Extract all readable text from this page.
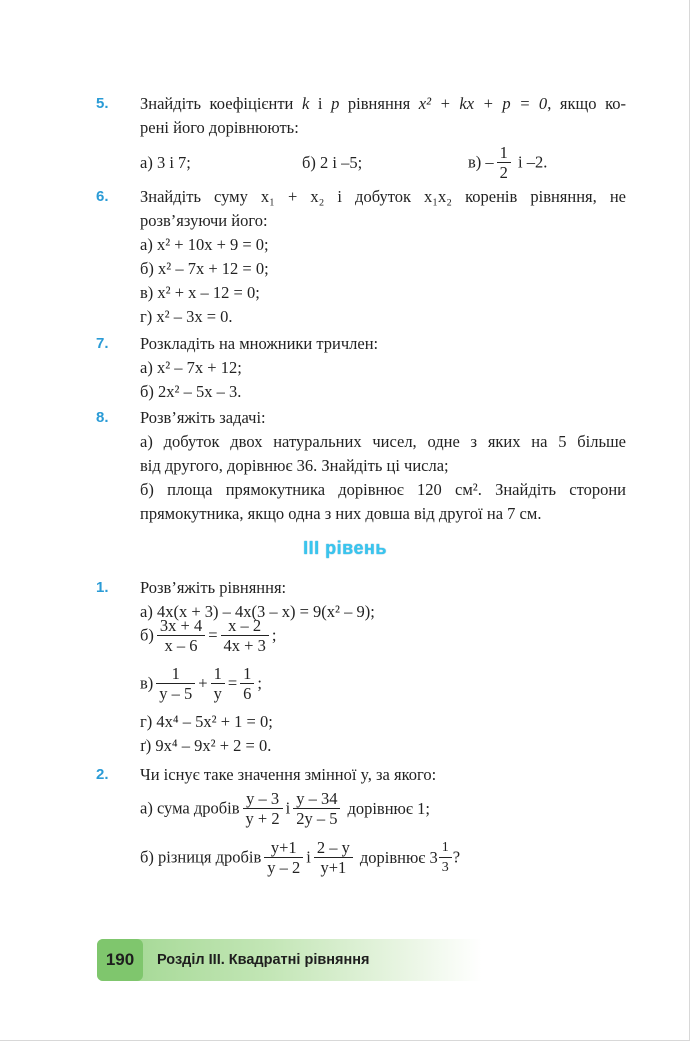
5. Знайдіть коефіцієнти k і p рівняння x² + kx + p = 0, якщо ко-
рені його дорівнюють:
а) 3 і 7;	б) 2 і –5;	$в) - \frac{1}{2}$ і –2.
6. Знайдіть суму x₁ + x₂ і добуток x₁x₂ коренів рівняння, не
розв’язуючи його:
а) x² + 10x + 9 = 0;
б) x² – 7x + 12 = 0;
в) x² + x – 12 = 0;
г) x² – 3x = 0.
7. Розкладіть на множники тричлен:
а) x² – 7x + 12;
б) 2x² – 5x – 3.
8. Розв’яжіть задачі:
а) добуток двох натуральних чисел, одне з яких на 5 більше
від другого, дорівнює 36. Знайдіть ці числа;
б) площа прямокутника дорівнює 120 см². Знайдіть сторони
прямокутника, якщо одна з них довша від другої на 7 см.
ІІІ рівень
1. Розв’яжіть рівняння:
а) 4x(x + 3) – 4x(3 – x) = 9(x² – 9);
$б) \frac{3x + 4}{x - 6} = \frac{x - 2}{4x + 3}$ ;
$в) \frac{1}{y - 5} + \frac{1}{y} = \frac{1}{6}$ ;
г) 4x⁴ – 5x² + 1 = 0;
ґ) 9x⁴ – 9x² + 2 = 0.
2. Чи існує таке значення змінної y, за якого:
а) сума дробів $\frac{y - 3}{y + 2}$ і $\frac{y - 34}{2y - 5}$ дорівнює 1;
б) різниця дробів $\frac{y+1}{y - 2}$ і $\frac{2 - y}{y+1}$ дорівнює $3 \frac{1}{3}$ ?
190	Розділ ІІІ. Квадратні рівняння
